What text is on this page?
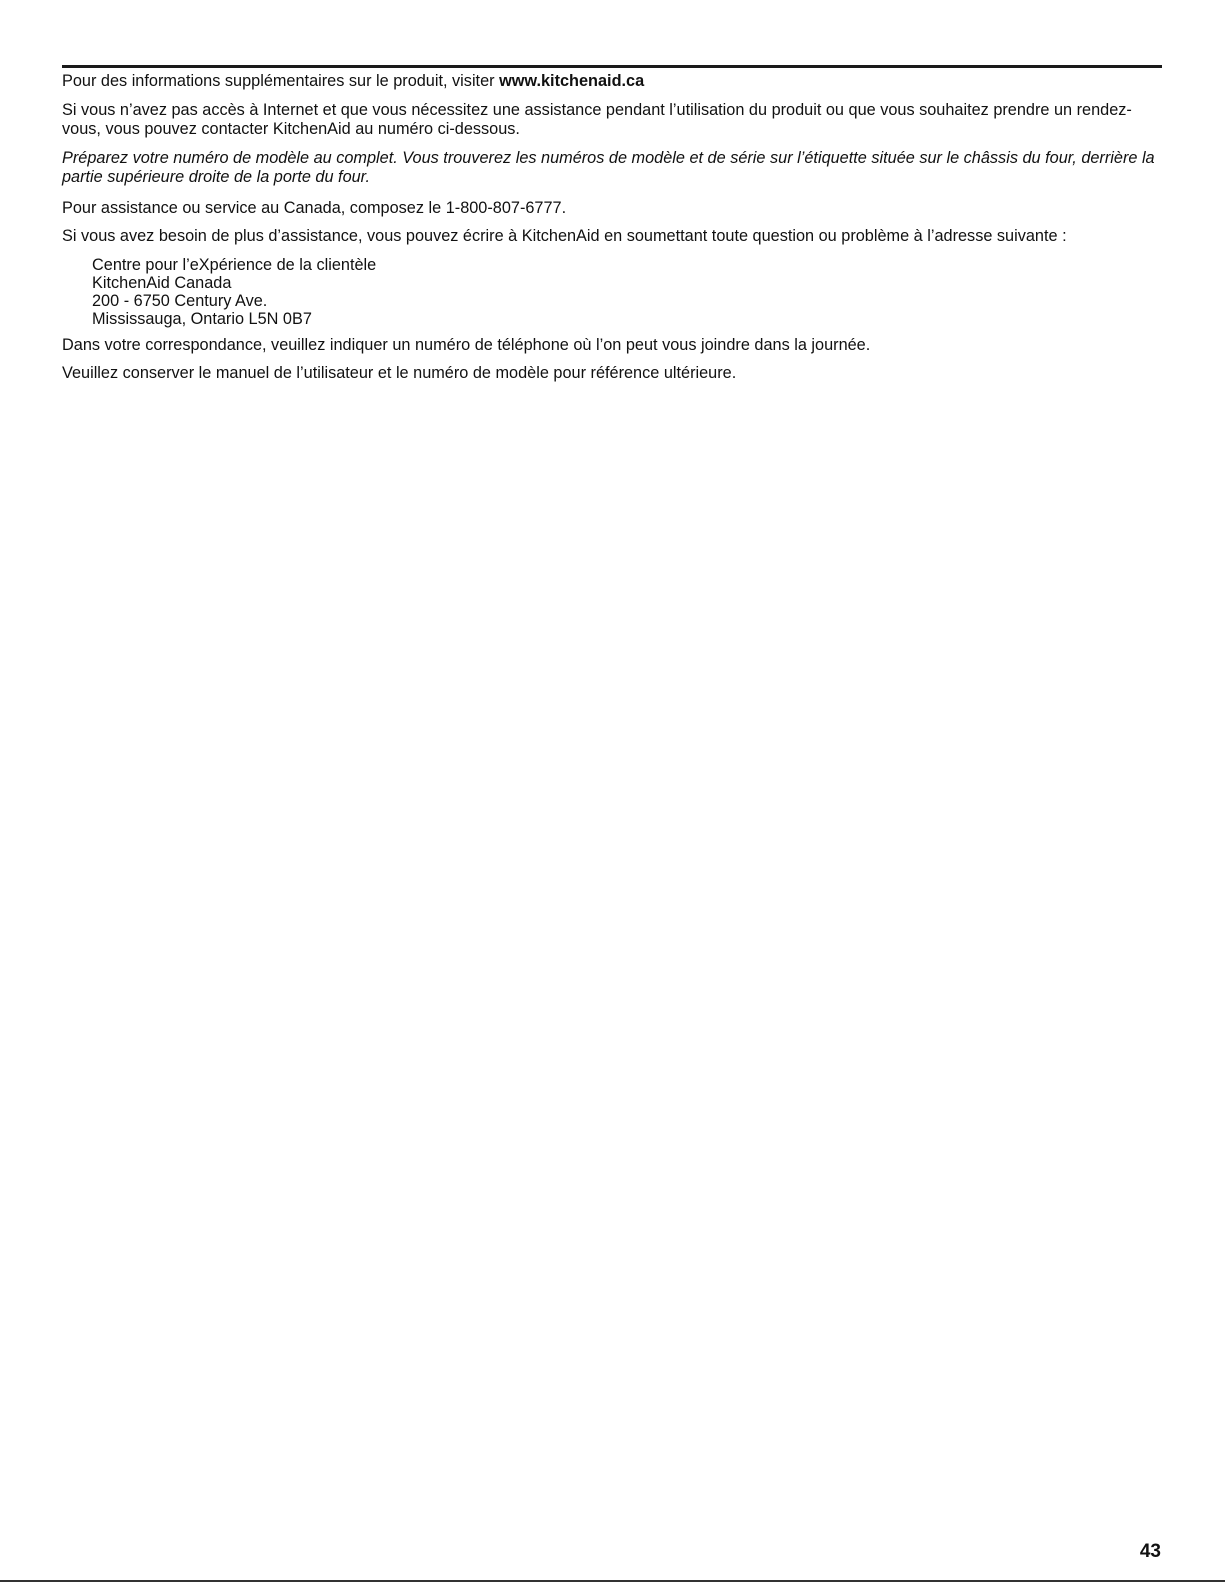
Pour des informations supplémentaires sur le produit, visiter www.kitchenaid.ca

Si vous n’avez pas accès à Internet et que vous nécessitez une assistance pendant l’utilisation du produit ou que vous souhaitez prendre un rendez-vous, vous pouvez contacter KitchenAid au numéro ci-dessous.

Préparez votre numéro de modèle au complet. Vous trouverez les numéros de modèle et de série sur l’étiquette située sur le châssis du four, derrière la partie supérieure droite de la porte du four.

Pour assistance ou service au Canada, composez le 1-800-807-6777.

Si vous avez besoin de plus d’assistance, vous pouvez écrire à KitchenAid en soumettant toute question ou problème à l’adresse suivante :

Centre pour l’eXpérience de la clientèle
KitchenAid Canada
200 - 6750 Century Ave.
Mississauga, Ontario L5N 0B7

Dans votre correspondance, veuillez indiquer un numéro de téléphone où l’on peut vous joindre dans la journée.

Veuillez conserver le manuel de l’utilisateur et le numéro de modèle pour référence ultérieure.

43
